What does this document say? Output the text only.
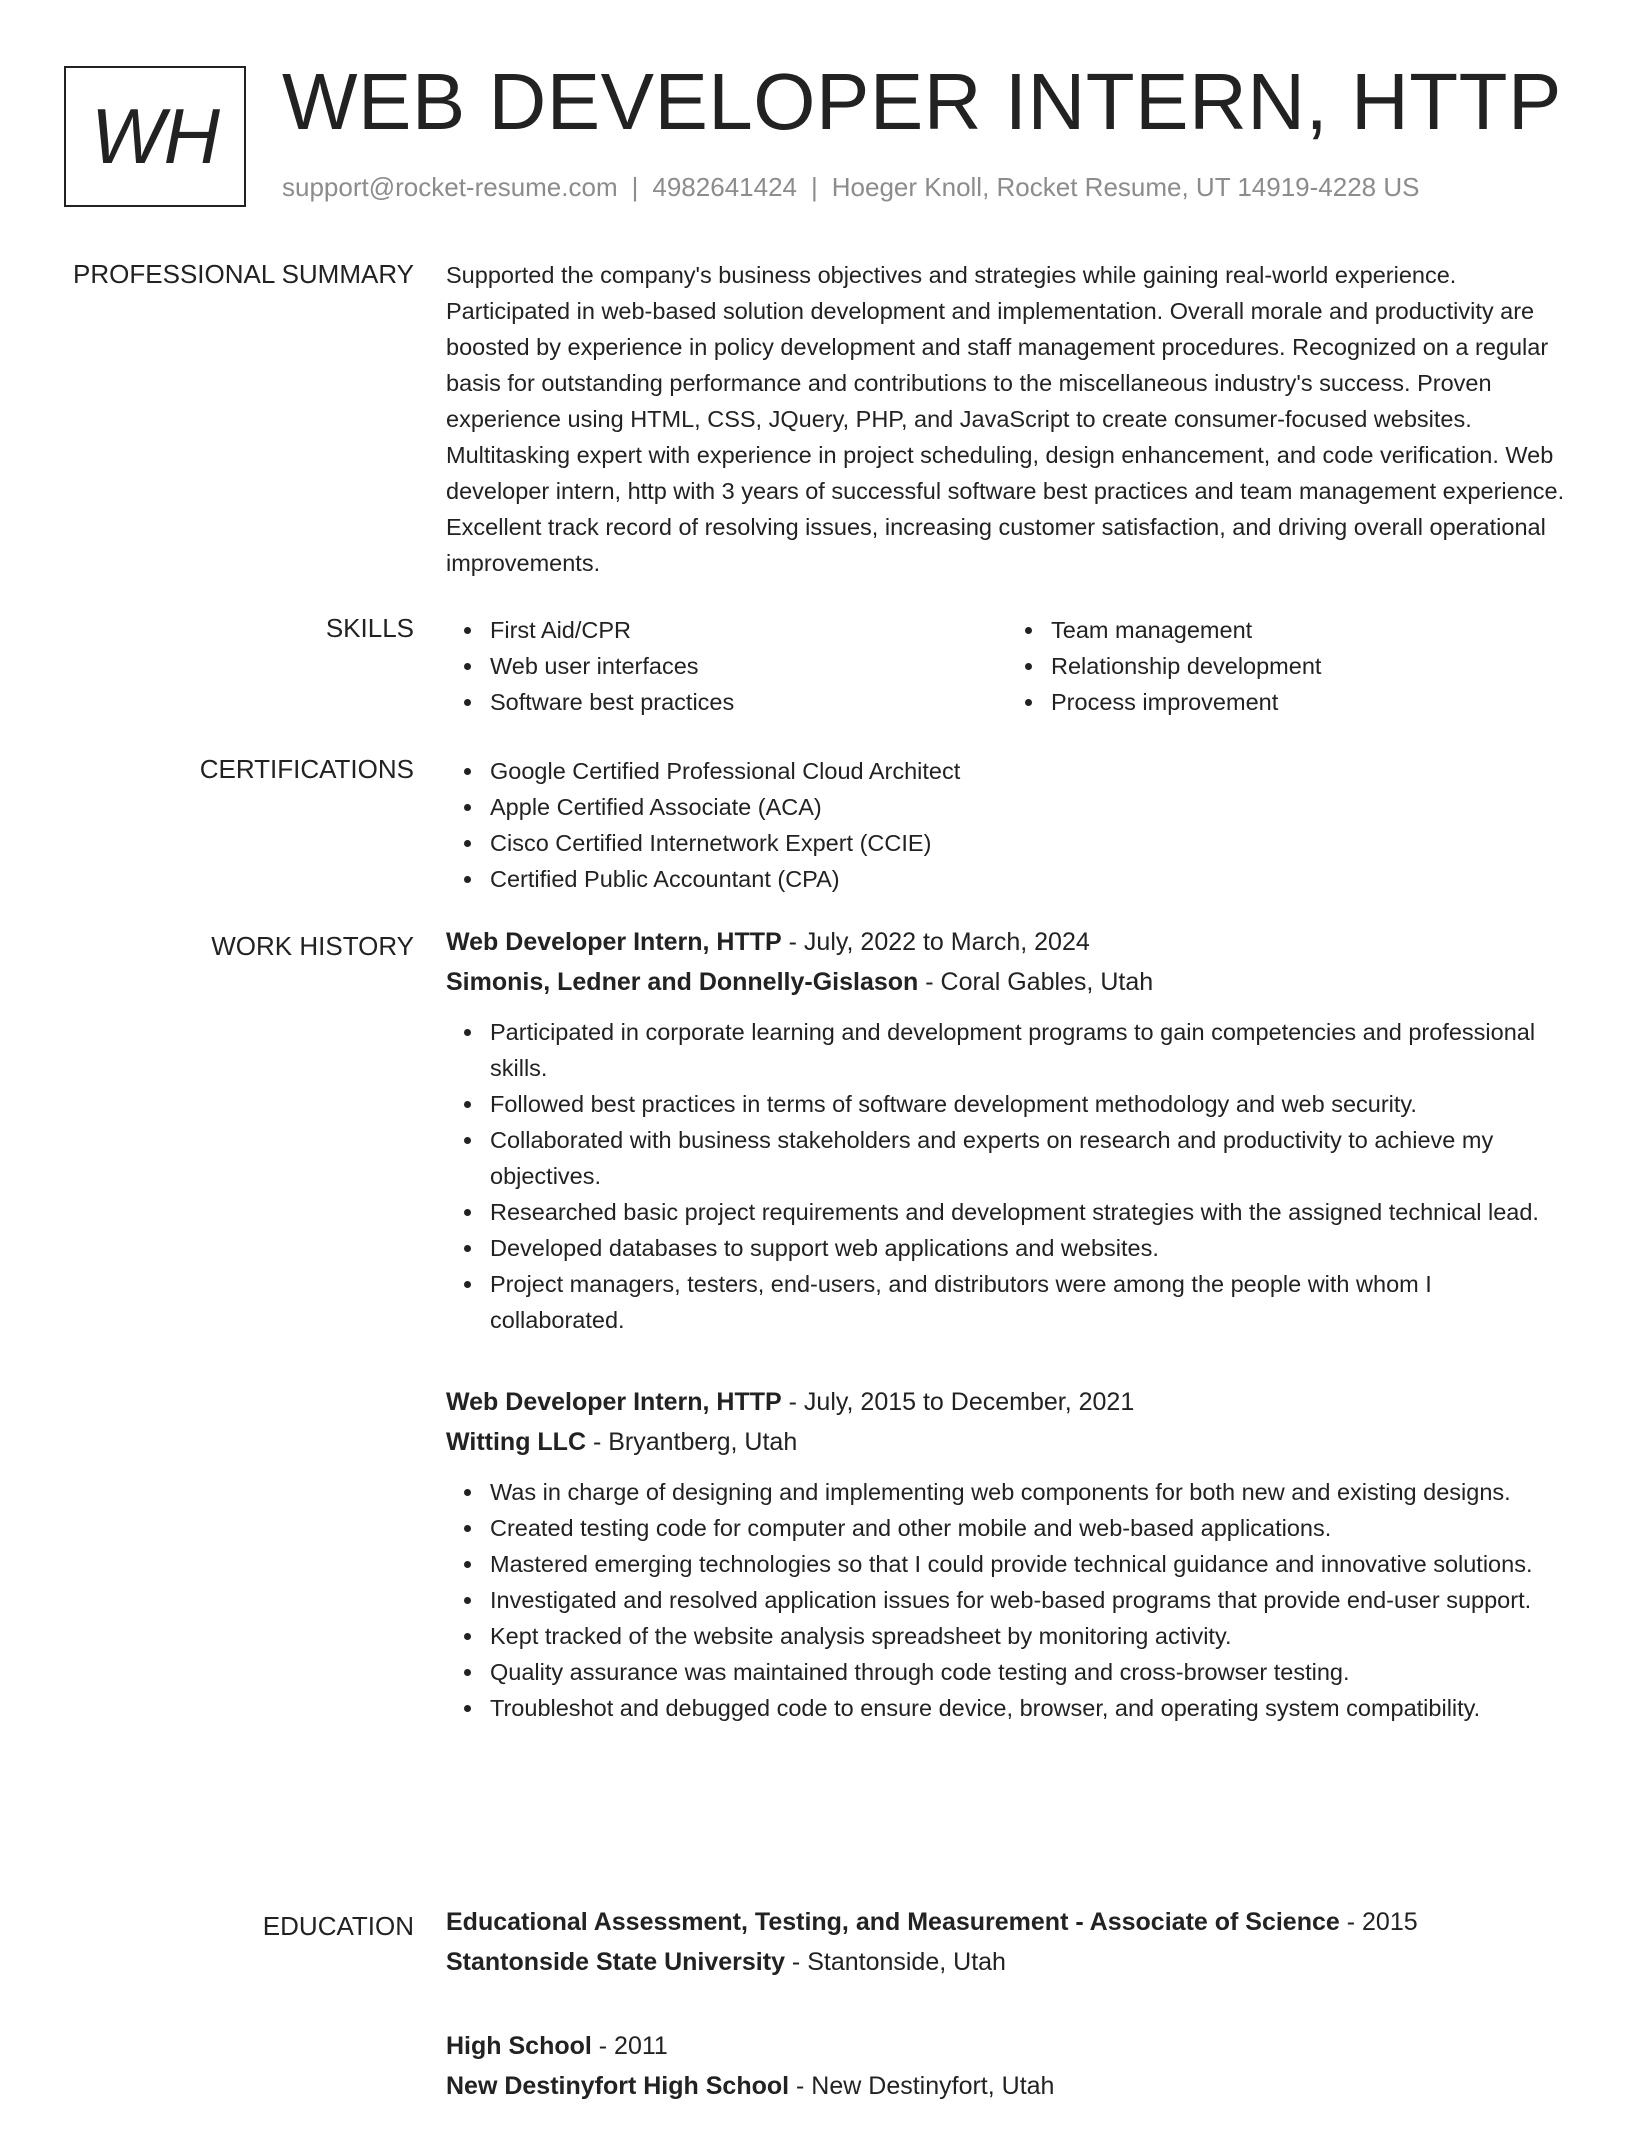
WH WEB DEVELOPER INTERN, HTTP
support@rocket-resume.com | 4982641424 | Hoeger Knoll, Rocket Resume, UT 14919-4228 US
PROFESSIONAL SUMMARY Supported the company's business objectives and strategies while gaining real-world experience. Participated in web-based solution development and implementation. Overall morale and productivity are boosted by experience in policy development and staff management procedures. Recognized on a regular basis for outstanding performance and contributions to the miscellaneous industry's success. Proven experience using HTML, CSS, JQuery, PHP, and JavaScript to create consumer-focused websites. Multitasking expert with experience in project scheduling, design enhancement, and code verification. Web developer intern, http with 3 years of successful software best practices and team management experience. Excellent track record of resolving issues, increasing customer satisfaction, and driving overall operational improvements.

SKILLS	First Aid/CPR
Web user interfaces
Software best practices
Team management
Relationship development
Process improvement
CERTIFICATIONS	Google Certified Professional Cloud Architect
Apple Certified Associate (ACA)
Cisco Certified Internetwork Expert (CCIE)
Certified Public Accountant (CPA)
WORK HISTORY Web Developer Intern, HTTP - July, 2022 to March, 2024
Simonis, Ledner and Donnelly-Gislason - Coral Gables, Utah
Participated in corporate learning and development programs to gain competencies and professional skills.
Followed best practices in terms of software development methodology and web security.
Collaborated with business stakeholders and experts on research and productivity to achieve my objectives.
Researched basic project requirements and development strategies with the assigned technical lead.
Developed databases to support web applications and websites.
Project managers, testers, end-users, and distributors were among the people with whom I collaborated.
Web Developer Intern, HTTP - July, 2015 to December, 2021
Witting LLC - Bryantberg, Utah
Was in charge of designing and implementing web components for both new and existing designs.
Created testing code for computer and other mobile and web-based applications.
Mastered emerging technologies so that I could provide technical guidance and innovative solutions.
Investigated and resolved application issues for web-based programs that provide end-user support.
Kept tracked of the website analysis spreadsheet by monitoring activity.
Quality assurance was maintained through code testing and cross-browser testing.
Troubleshot and debugged code to ensure device, browser, and operating system compatibility.
EDUCATION Educational Assessment, Testing, and Measurement - Associate of Science - 2015
Stantonside State University - Stantonside, Utah
High School - 2011
New Destinyfort High School - New Destinyfort, Utah
